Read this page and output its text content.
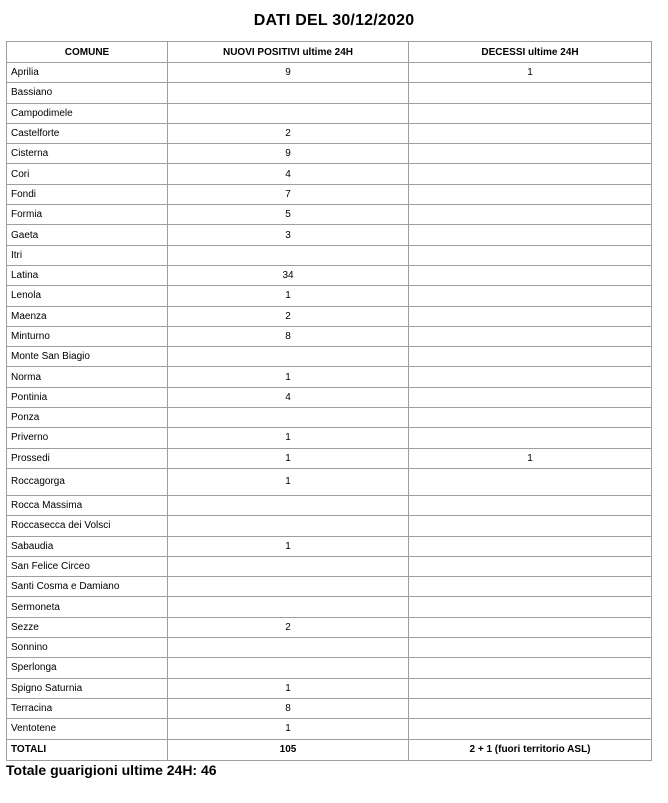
DATI DEL 30/12/2020
COMUNE	NUOVI POSITIVI ultime 24H	DECESSI ultime 24H
Aprilia	9	1
Bassiano		
Campodimele		
Castelforte	2	
Cisterna	9	
Cori	4	
Fondi	7	
Formia	5	
Gaeta	3	
Itri		
Latina	34	
Lenola	1	
Maenza	2	
Minturno	8	
Monte San Biagio		
Norma	1	
Pontinia	4	
Ponza		
Priverno	1	
Prossedi	1	1
Roccagorga	1	
Rocca Massima		
Roccasecca dei Volsci		
Sabaudia	1	
San Felice Circeo		
Santi Cosma e Damiano		
Sermoneta		
Sezze	2	
Sonnino		
Sperlonga		
Spigno Saturnia	1	
Terracina	8	
Ventotene	1	
TOTALI	105	2 + 1 (fuori territorio ASL)
Totale guarigioni ultime 24H: 46
